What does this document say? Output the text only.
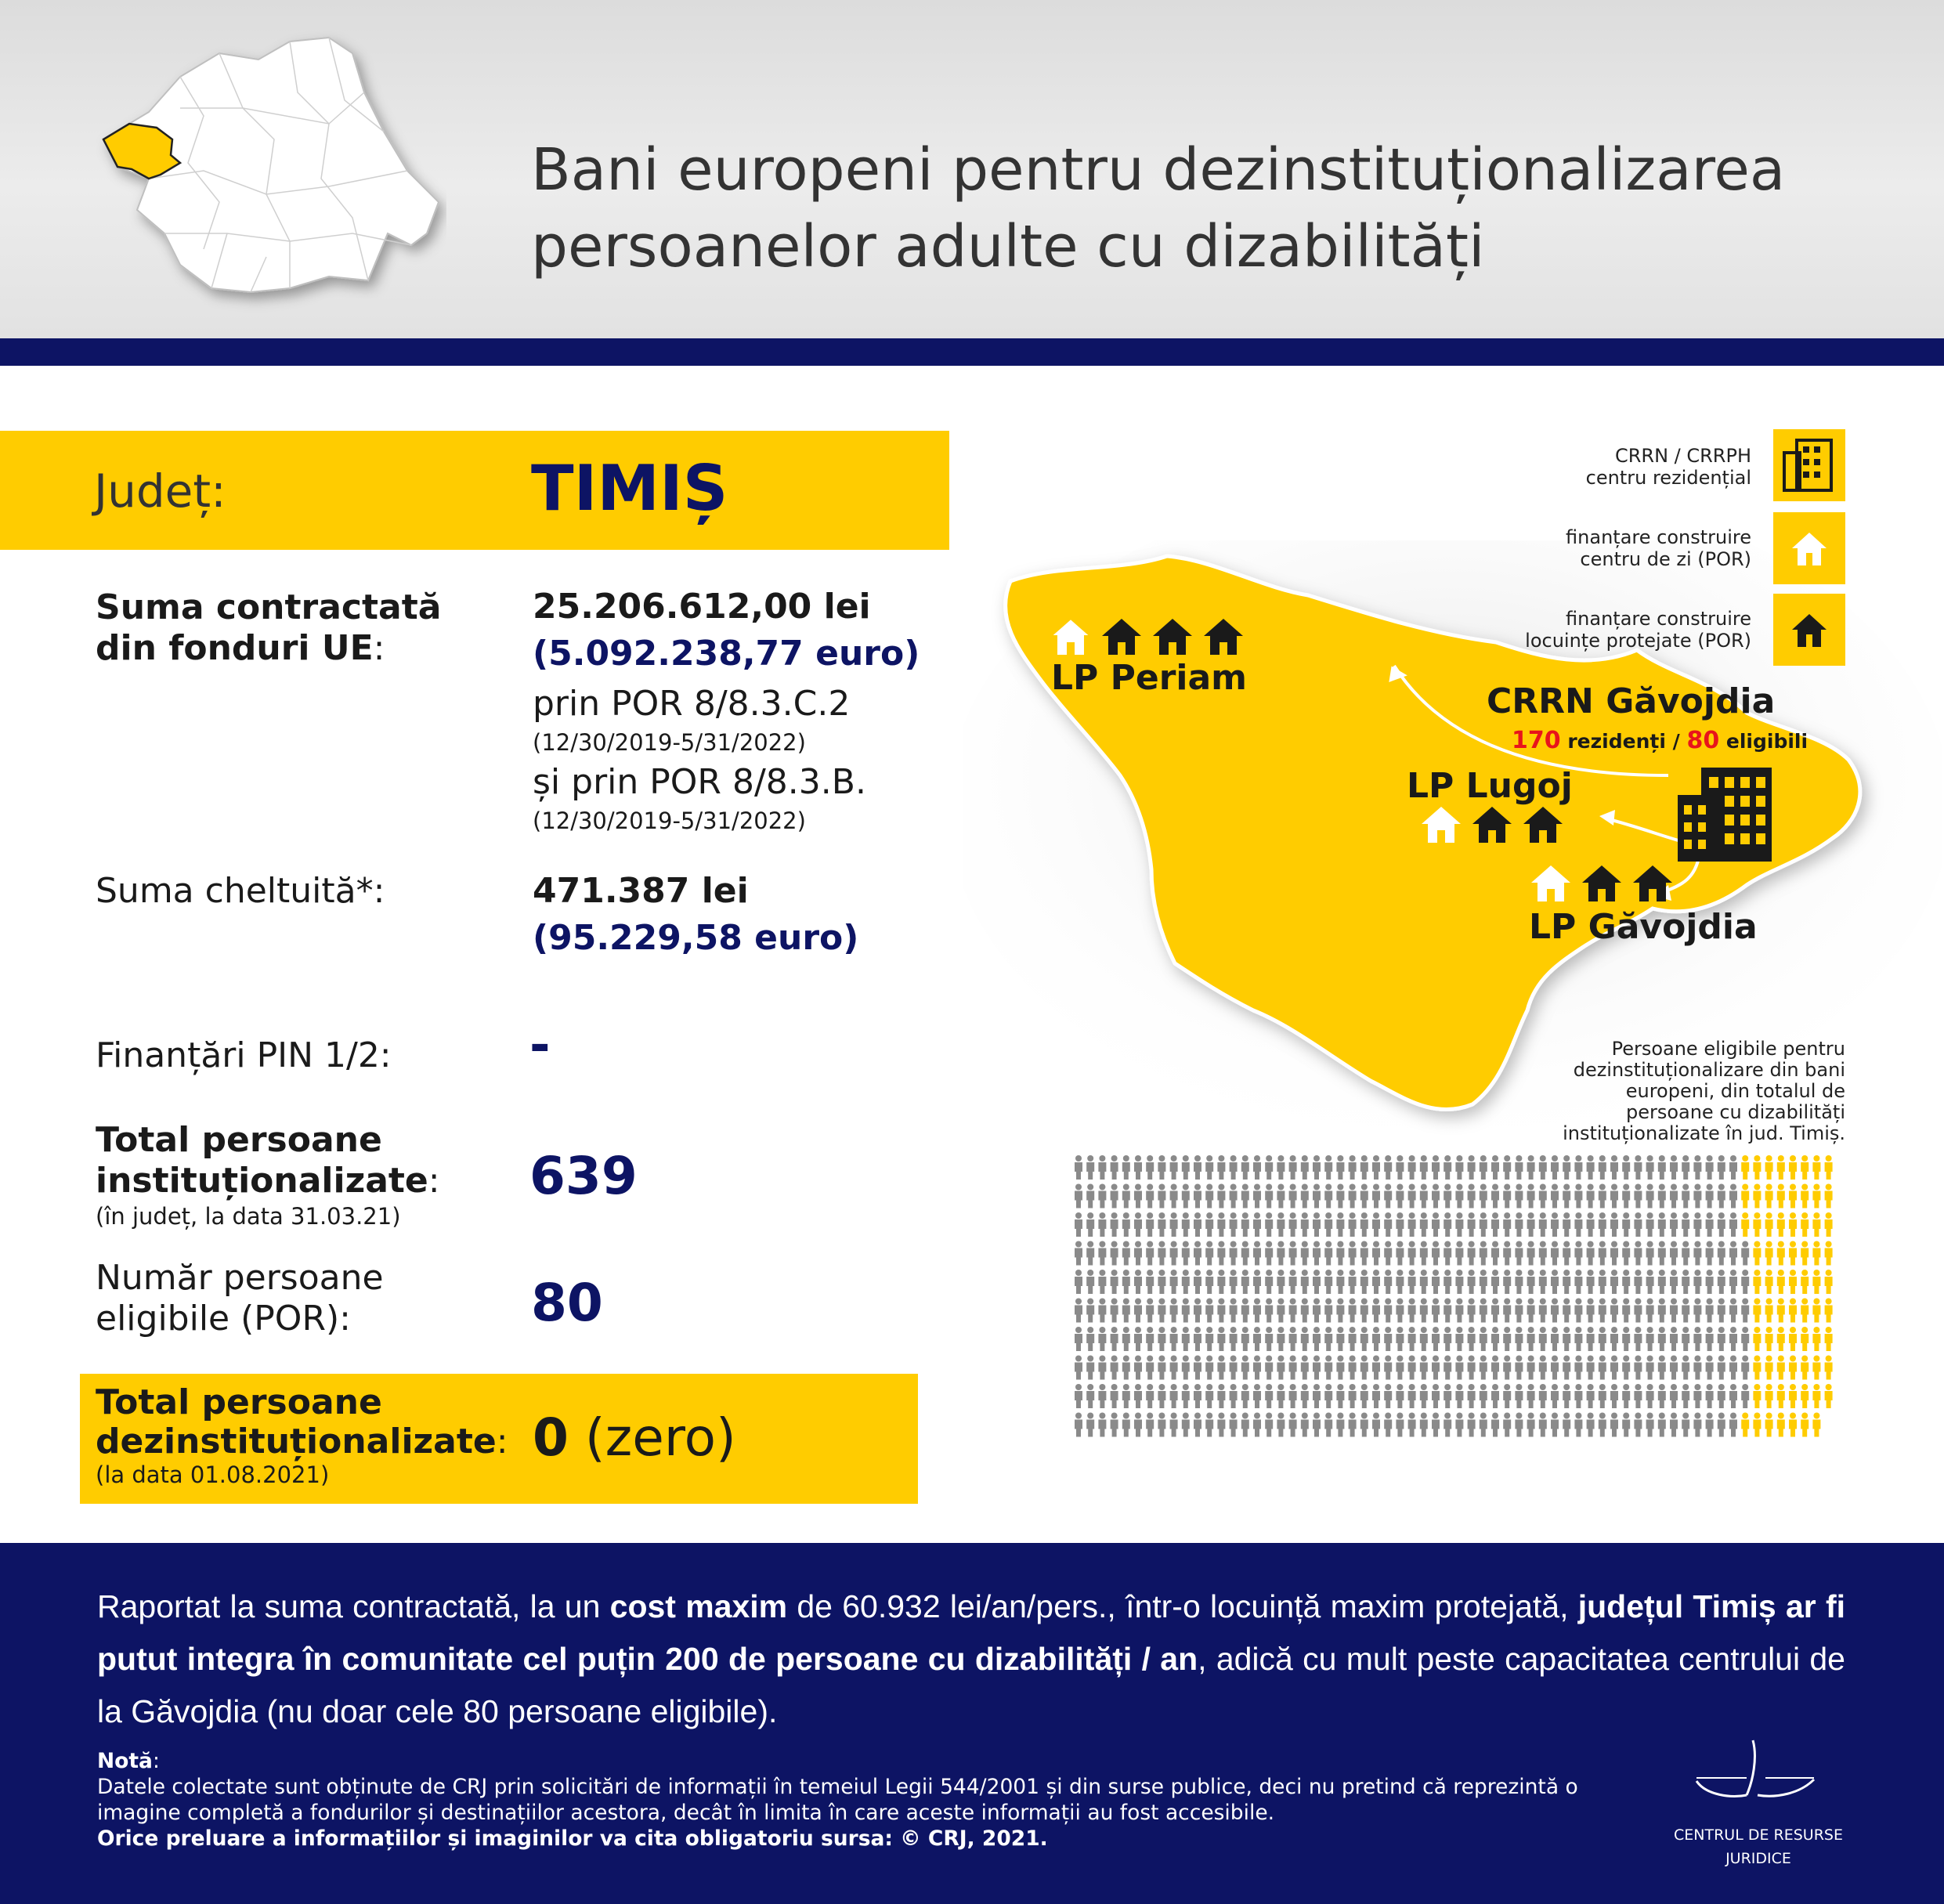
Bani europeni pentru dezinstituționalizarea
persoanelor adulte cu dizabilități
Județ:	TIMIȘ
Suma contractată
din fonduri UE:
25.206.612,00 lei
(5.092.238,77 euro)
prin POR 8/8.3.C.2
(12/30/2019-5/31/2022)
și prin POR 8/8.3.B.
(12/30/2019-5/31/2022)
Suma cheltuită*:	471.387 lei
(95.229,58 euro)
Finanțări PIN 1/2:	-
Total persoane
instituționalizate:
(în județ, la data 31.03.21)
639
Număr persoane
eligibile (POR):	80
Total persoane
dezinstituționalizate:
(la data 01.08.2021)
0 (zero)
LP Periam
CRRN Găvojdia
170 rezidenți / 80 eligibili
LP Lugoj
LP Găvojdia
CRRN / CRRPH
centru rezidențial
finanțare construire
centru de zi (POR)
finanțare construire
locuințe protejate (POR)
Persoane eligibile pentru
dezinstituționalizare din bani
europeni, din totalul de
persoane cu dizabilități
instituționalizate în jud. Timiș.
Raportat la suma contractată, la un cost maxim de 60.932 lei/an/pers., într-o locuință maxim protejată, județul Timiș ar fi putut integra în comunitate cel puțin 200 de persoane cu dizabilități / an, adică cu mult peste capacitatea centrului de la Găvojdia (nu doar cele 80 persoane eligibile).
Notă:
Datele colectate sunt obținute de CRJ prin solicitări de informații în temeiul Legii 544/2001 și din surse publice, deci nu pretind că reprezintă o imagine completă a fondurilor și destinațiilor acestora, decât în limita în care aceste informații au fost accesibile.
Orice preluare a informațiilor și imaginilor va cita obligatoriu sursa: © CRJ, 2021.	CENTRUL DE RESURSE
JURIDICE
